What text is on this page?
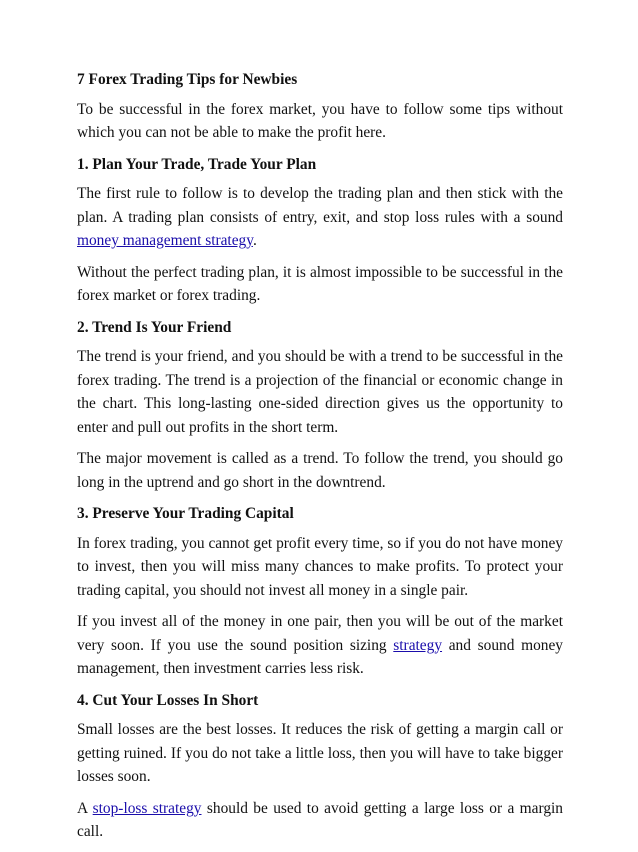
7 Forex Trading Tips for Newbies

To be successful in the forex market, you have to follow some tips without which you can not be able to make the profit here.

1. Plan Your Trade, Trade Your Plan

The first rule to follow is to develop the trading plan and then stick with the plan. A trading plan consists of entry, exit, and stop loss rules with a sound money management strategy.

Without the perfect trading plan, it is almost impossible to be successful in the forex market or forex trading.

2. Trend Is Your Friend

The trend is your friend, and you should be with a trend to be successful in the forex trading. The trend is a projection of the financial or economic change in the chart. This long-lasting one-sided direction gives us the opportunity to enter and pull out profits in the short term.

The major movement is called as a trend. To follow the trend, you should go long in the uptrend and go short in the downtrend.

3. Preserve Your Trading Capital

In forex trading, you cannot get profit every time, so if you do not have money to invest, then you will miss many chances to make profits. To protect your trading capital, you should not invest all money in a single pair.

If you invest all of the money in one pair, then you will be out of the market very soon. If you use the sound position sizing strategy and sound money management, then investment carries less risk.

4. Cut Your Losses In Short

Small losses are the best losses. It reduces the risk of getting a margin call or getting ruined. If you do not take a little loss, then you will have to take bigger losses soon.

A stop-loss strategy should be used to avoid getting a large loss or a margin call.
